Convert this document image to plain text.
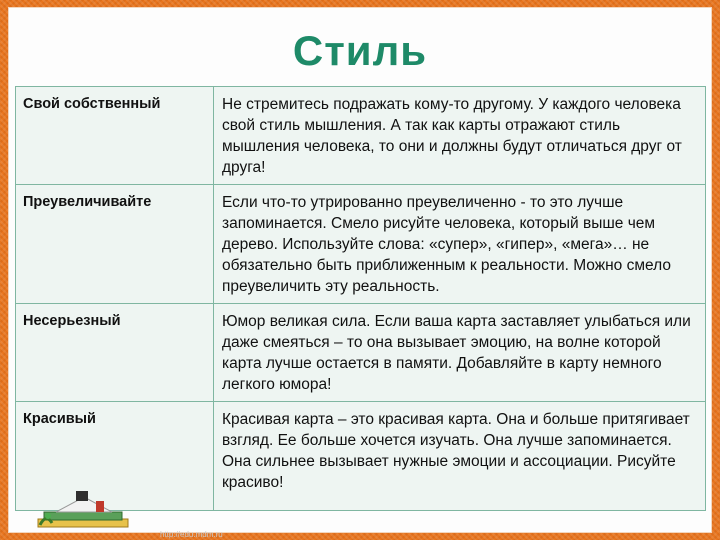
Стиль
Свой собственный	Не стремитесь подражать кому-то другому. У каждого человека свой стиль мышления. А так как карты отражают стиль мышления человека, то они и должны будут отличаться друг от друга!
Преувеличивайте	Если что-то утрированно преувеличенно - то это лучше запоминается. Смело рисуйте человека, который выше чем дерево. Используйте слова: «супер», «гипер», «мега»… не обязательно быть приближенным к реальности. Можно смело преувеличить эту реальность.
Несерьезный	Юмор великая сила. Если ваша карта заставляет улыбаться или даже смеяться – то она вызывает эмоцию, на волне которой карта лучше остается в памяти. Добавляйте в карту немного легкого юмора!
Красивый	Красивая карта – это красивая карта. Она и больше притягивает взгляд. Ее больше хочется изучать. Она лучше запоминается. Она сильнее вызывает нужные эмоции и ассоциации. Рисуйте красиво!
http://edu.mdm.ru
